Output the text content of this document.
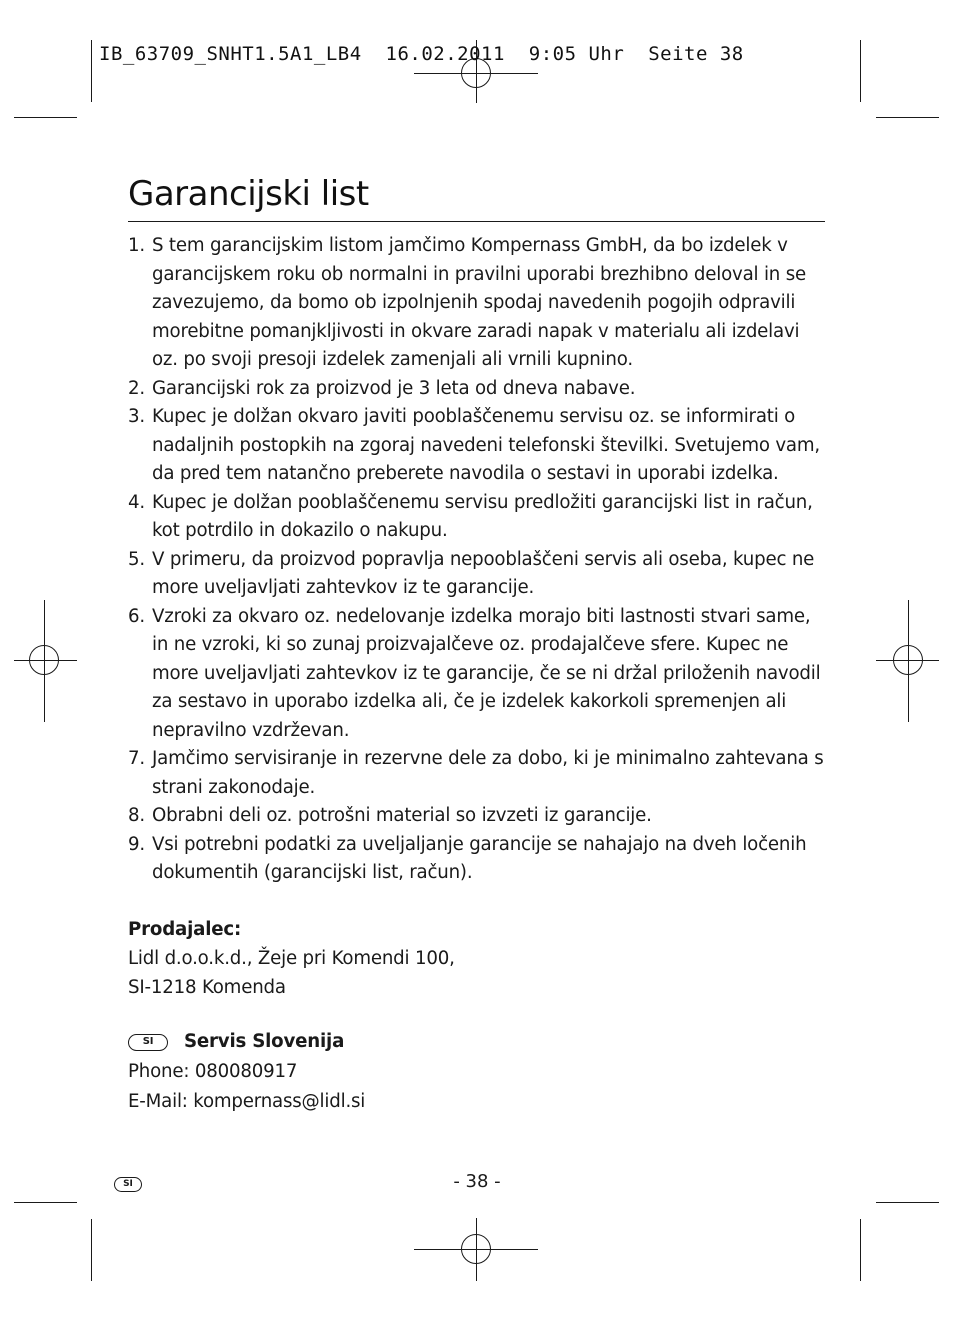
IB_63709_SNHT1.5A1_LB4  16.02.2011  9:05 Uhr  Seite 38
Garancijski list
1. S tem garancijskim listom jamčimo Kompernass GmbH, da bo izdelek v garancijskem roku ob normalni in pravilni uporabi brezhibno deloval in se zavezujemo, da bomo ob izpolnjenih spodaj navedenih pogojih odpravili morebitne pomanjkljivosti in okvare zaradi napak v materialu ali izdelavi oz. po svoji presoji izdelek zamenjali ali vrnili kupnino.
2. Garancijski rok za proizvod je 3 leta od dneva nabave.
3. Kupec je dolžan okvaro javiti pooblaščenemu servisu oz. se informirati o nadaljnih postopkih na zgoraj navedeni telefonski številki. Svetujemo vam, da pred tem natančno preberete navodila o sestavi in uporabi izdelka.
4. Kupec je dolžan pooblaščenemu servisu predložiti garancijski list in račun, kot potrdilo in dokazilo o nakupu.
5. V primeru, da proizvod popravlja nepooblaščeni servis ali oseba, kupec ne more uveljavljati zahtevkov iz te garancije.
6. Vzroki za okvaro oz. nedelovanje izdelka morajo biti lastnosti stvari same, in ne vzroki, ki so zunaj proizvajalčeve oz. prodajalčeve sfere. Kupec ne more uveljavljati zahtevkov iz te garancije, če se ni držal priloženih navodil za sestavo in uporabo izdelka ali, če je izdelek kakorkoli spremenjen ali nepravilno vzdrževan.
7. Jamčimo servisiranje in rezervne dele za dobo, ki je minimalno zahtevana s strani zakonodaje.
8. Obrabni deli oz. potrošni material so izvzeti iz garancije.
9. Vsi potrebni podatki za uveljaljanje garancije se nahajajo na dveh ločenih dokumentih (garancijski list, račun).
Prodajalec:
Lidl d.o.o.k.d., Žeje pri Komendi 100,
SI-1218 Komenda
SI	Servis Slovenija
Phone: 080080917
E-Mail: kompernass@lidl.si
SI	- 38 -
